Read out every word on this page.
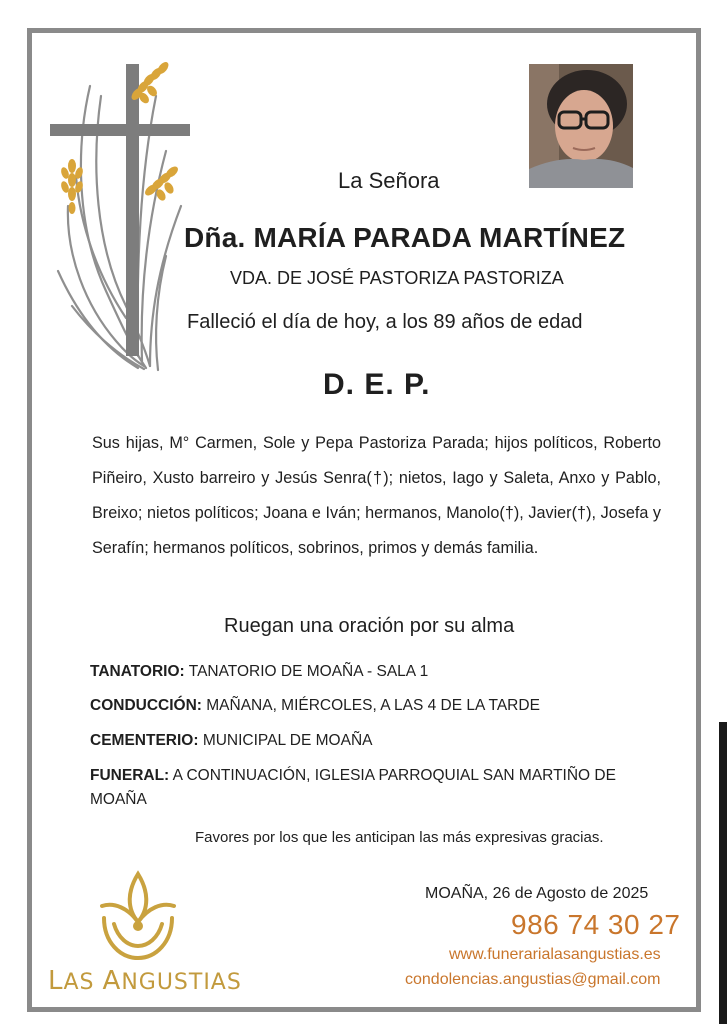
La Señora
Dña. MARÍA PARADA MARTÍNEZ
VDA. DE JOSÉ PASTORIZA PASTORIZA
Falleció el día de hoy, a los 89 años de edad
D. E. P.
Sus hijas, M° Carmen, Sole y Pepa Pastoriza Parada; hijos políticos, Roberto Piñeiro, Xusto barreiro y Jesús Senra(†); nietos, Iago y Saleta, Anxo y Pablo, Breixo; nietos políticos; Joana e Iván; hermanos, Manolo(†), Javier(†), Josefa y Serafín; hermanos políticos, sobrinos, primos y demás familia.
Ruegan una oración por su alma
TANATORIO: TANATORIO DE MOAÑA - SALA 1
CONDUCCIÓN: MAÑANA, MIÉRCOLES, A LAS 4 DE LA TARDE
CEMENTERIO: MUNICIPAL DE MOAÑA
FUNERAL: A CONTINUACIÓN, IGLESIA PARROQUIAL SAN MARTIÑO DE MOAÑA
Favores por los que les anticipan las más expresivas gracias.
LAS ANGUSTIAS
MOAÑA, 26 de Agosto de 2025
986 74 30 27
www.funerarialasangustias.es
condolencias.angustias@gmail.com
